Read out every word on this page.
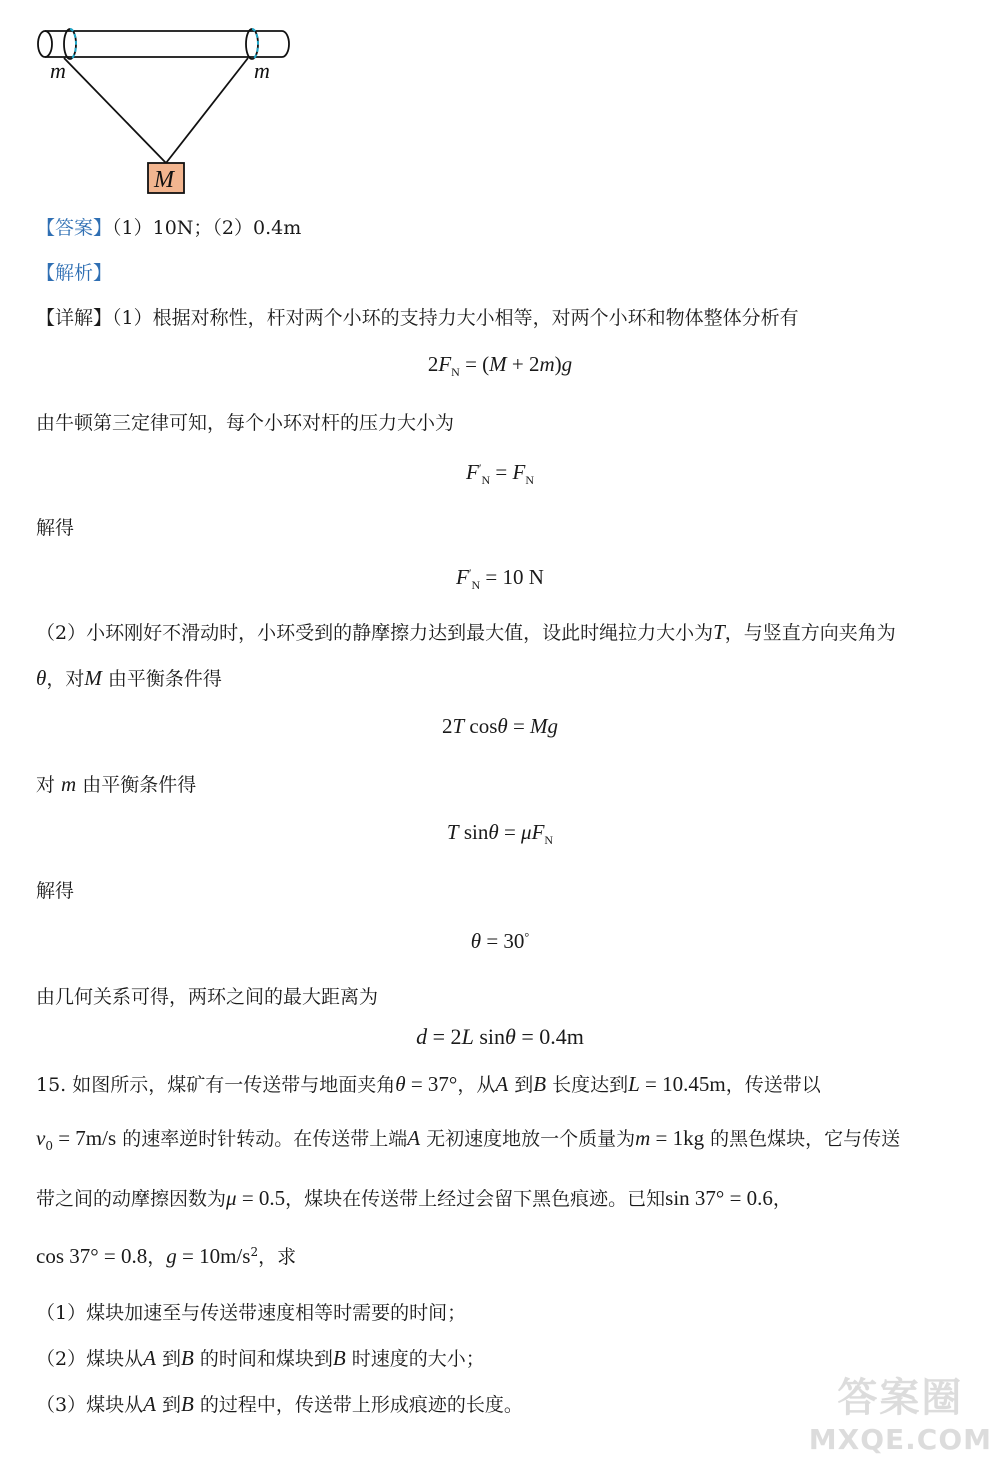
m	m
M
【答案】（1）10N；（2）0.4m
【解析】
【详解】（1）根据对称性，杆对两个小环的支持力大小相等，对两个小环和物体整体分析有
$2F_N = (M + 2m)g$
由牛顿第三定律可知，每个小环对杆的压力大小为
$F'_N = F_N$
解得
$F'_N = 10$ N
（2）小环刚好不滑动时，小环受到的静摩擦力达到最大值，设此时绳拉力大小为T，与竖直方向夹角为
θ，对M 由平衡条件得
2T cosθ = Mg
对 m 由平衡条件得
T $\sin\theta = \mu F_N$
解得
θ = 30°
由几何关系可得，两环之间的最大距离为
d = 2L sinθ = 0.4m
15. 如图所示，煤矿有一传送带与地面夹角θ = 37°，从A 到B 长度达到L = 10.45m，传送带以
$v_0 = 7m/s$ 的速率逆时针转动。在传送带上端A 无初速度地放一个质量为m = 1kg 的黑色煤块，它与传送
带之间的动摩擦因数为μ = 0.5，煤块在传送带上经过会留下黑色痕迹。已知sin 37° = 0.6，
cos 37° = 0.8，$g = 10m/s^2$，求
（1）煤块加速至与传送带速度相等时需要的时间；
（2）煤块从A 到B 的时间和煤块到B 时速度的大小；
（3）煤块从A 到B 的过程中，传送带上形成痕迹的长度。	答案圈
MXQE.COM
